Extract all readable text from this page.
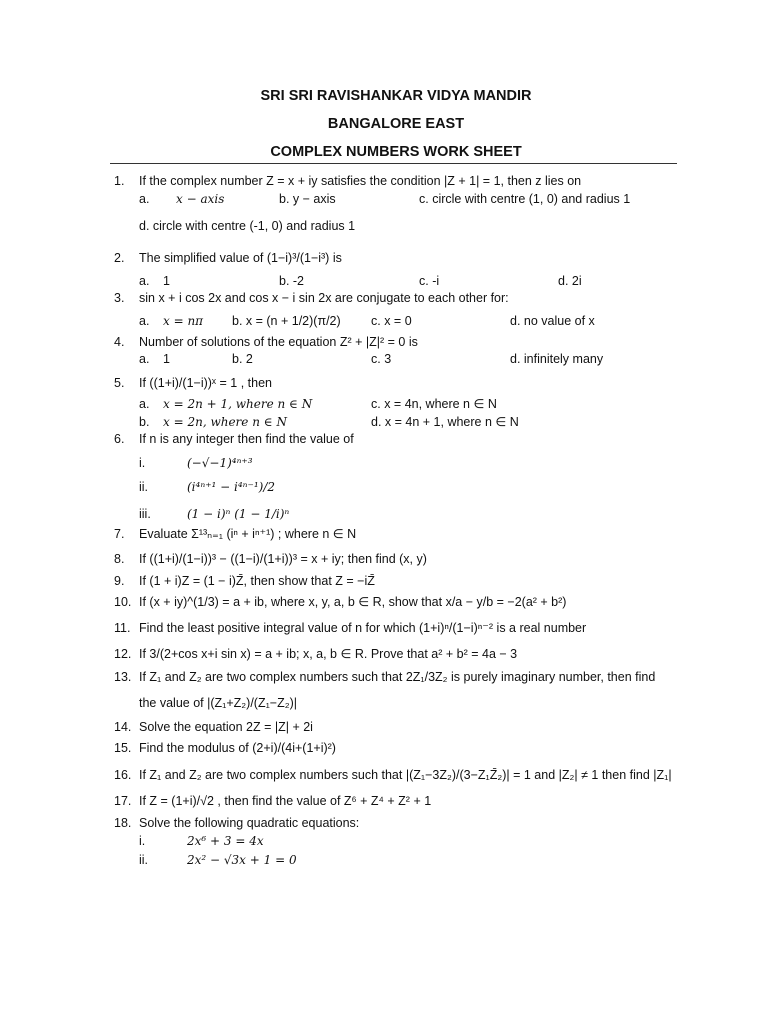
SRI SRI RAVISHANKAR VIDYA MANDIR
BANGALORE EAST
COMPLEX NUMBERS WORK SHEET
1. If the complex number Z = x + iy satisfies the condition |Z + 1| = 1, then z lies on
a. x − axis	b. y − axis	c. circle with centre (1, 0) and radius 1
d. circle with centre (-1, 0) and radius 1
2. The simplified value of (1−i)³/(1−i³) is
a. 1	b. -2	c. -i	d. 2i
3. sin x + i cos 2x and cos x − i sin 2x are conjugate to each other for:
a. x = nπ b. x = (n + 1/2)(π/2) c. x = 0	d. no value of x
4. Number of solutions of the equation Z² + |Z|² = 0 is
a. 1	b. 2	c. 3	d. infinitely many
5. If ((1+i)/(1−i))ˣ = 1 , then
a. x = 2n + 1, where n ∈ N	c. x = 4n, where n ∈ N
b. x = 2n, where n ∈ N	d. x = 4n + 1, where n ∈ N
6. If n is any integer then find the value of
i.	(−√−1)⁴ⁿ⁺³
ii.	(i⁴ⁿ⁺¹ − i⁴ⁿ⁻¹)/2
iii.	(1 − i)ⁿ (1 − 1/i)ⁿ
7. Evaluate Σ¹³ₙ₌₁ (iⁿ + iⁿ⁺¹) ; where n ∈ N
8. If ((1+i)/(1−i))³ − ((1−i)/(1+i))³ = x + iy; then find (x, y)
9. If (1 + i)Z = (1 − i)Z̄, then show that Z = −iZ̄
10. If (x + iy)^(1/3) = a + ib, where x, y, a, b ∈ R, show that x/a − y/b = −2(a² + b²)
11. Find the least positive integral value of n for which (1+i)ⁿ/(1−i)ⁿ⁻² is a real number
12. If 3/(2+cos x+i sin x) = a + ib; x, a, b ∈ R. Prove that a² + b² = 4a − 3
13. If Z₁ and Z₂ are two complex numbers such that 2Z₁/3Z₂ is purely imaginary number, then find
the value of |(Z₁+Z₂)/(Z₁−Z₂)|
14. Solve the equation 2Z = |Z| + 2i
15. Find the modulus of (2+i)/(4i+(1+i)²)
16. If Z₁ and Z₂ are two complex numbers such that |(Z₁−3Z₂)/(3−Z₁Z̄₂)| = 1 and |Z₂| ≠ 1 then find |Z₁|
17. If Z = (1+i)/√2 , then find the value of Z⁶ + Z⁴ + Z² + 1
18. Solve the following quadratic equations:
i.	2x⁶ + 3 = 4x
ii.	2x² − √3x + 1 = 0
